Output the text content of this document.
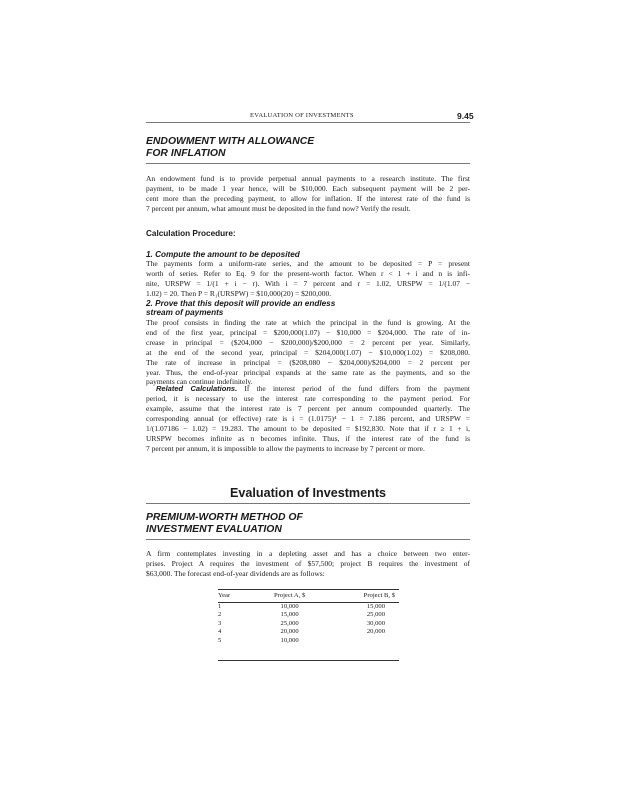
EVALUATION OF INVESTMENTS	9.45
ENDOWMENT WITH ALLOWANCE
FOR INFLATION
An endowment fund is to provide perpetual annual payments to a research institute. The first
payment, to be made 1 year hence, will be $10,000. Each subsequent payment will be 2 per-
cent more than the preceding payment, to allow for inflation. If the interest rate of the fund is
7 percent per annum, what amount must be deposited in the fund now? Verify the result.
Calculation Procedure:
1. Compute the amount to be deposited
The payments form a uniform-rate series, and the amount to be deposited = P = present
worth of series. Refer to Eq. 9 for the present-worth factor. When r < 1 + i and n is infi-
nite, URSPW = 1/(1 + i − r). With i = 7 percent and r = 1.02, URSPW = 1/(1.07 −
1.02) = 20. Then P = R₁(URSPW) = $10,000(20) = $200,000.
2. Prove that this deposit will provide an endless
stream of payments
The proof consists in finding the rate at which the principal in the fund is growing. At the
end of the first year, principal = $200,000(1.07) − $10,000 = $204,000. The rate of in-
crease in principal = ($204,000 − $200,000)/$200,000 = 2 percent per year. Similarly,
at the end of the second year, principal = $204,000(1.07) − $10,000(1.02) = $208,080.
The rate of increase in principal = ($208,080 − $204,000)/$204,000 = 2 percent per
year. Thus, the end-of-year principal expands at the same rate as the payments, and so the
payments can continue indefinitely.
Related Calculations. If the interest period of the fund differs from the payment
period, it is necessary to use the interest rate corresponding to the payment period. For
example, assume that the interest rate is 7 percent per annum compounded quarterly. The
corresponding annual (or effective) rate is i = (1.0175)⁴ − 1 = 7.186 percent, and URSPW =
1/(1.07186 − 1.02) = 19.283. The amount to be deposited = $192,830. Note that if r ≥ 1 + i,
URSPW becomes infinite as n becomes infinite. Thus, if the interest rate of the fund is
7 percent per annum, it is impossible to allow the payments to increase by 7 percent or more.
Evaluation of Investments
PREMIUM-WORTH METHOD OF
INVESTMENT EVALUATION
A firm contemplates investing in a depleting asset and has a choice between two enter-
prises. Project A requires the investment of $57,500; project B requires the investment of
$63,000. The forecast end-of-year dividends are as follows:
Year	Project A, $	Project B, $
1	10,000	15,000
2	15,000	25,000
3	25,000	30,000
4	20,000	20,000
5	10,000	
